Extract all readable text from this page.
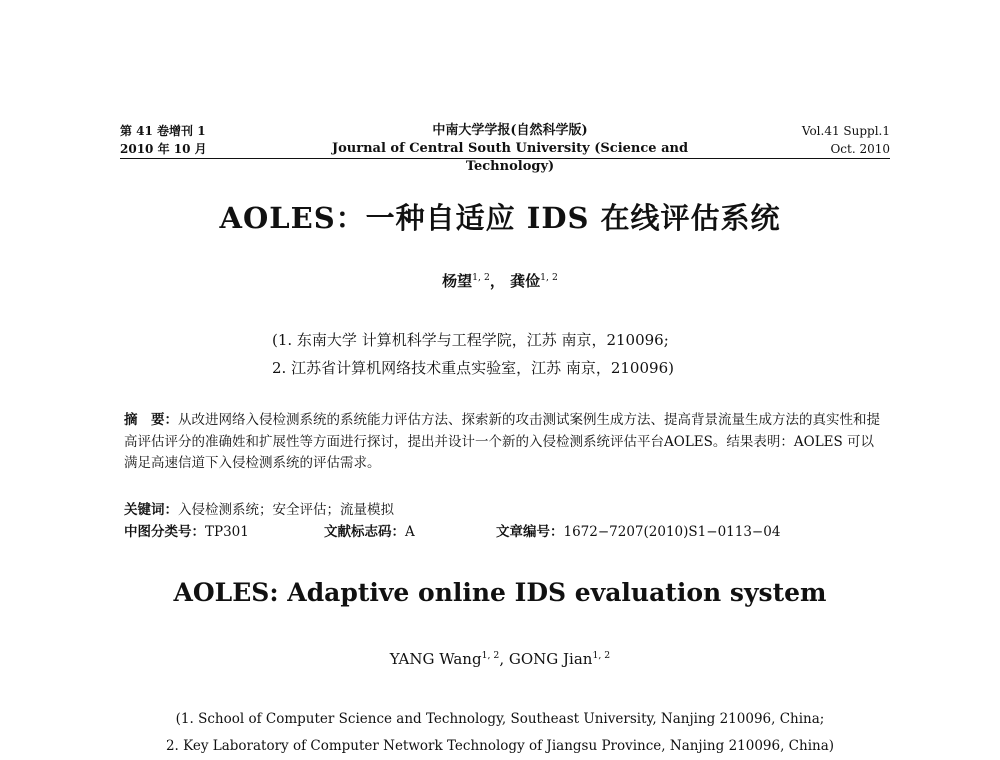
第 41 卷增刊 1
2010 年 10 月
中南大学学报(自然科学版)
Journal of Central South University (Science and Technology)
Vol.41 Suppl.1
Oct. 2010
AOLES：一种自适应 IDS 在线评估系统
杨望$^{1, 2}$， 龚俭$^{1, 2}$
(1. 东南大学 计算机科学与工程学院，江苏 南京，210096;
2. 江苏省计算机网络技术重点实验室，江苏 南京，210096)
摘　要：从改进网络入侵检测系统的系统能力评估方法、探索新的攻击测试案例生成方法、提高背景流量生成方法的真实性和提高评估评分的准确姓和扩展性等方面进行探讨，提出并设计一个新的入侵检测系统评估平台AOLES。结果表明：AOLES 可以满足高速信道下入侵检测系统的评估需求。
关键词：入侵检测系统；安全评估；流量模拟
中图分类号：TP301	文献标志码：A	文章编号：1672−7207(2010)S1−0113−04
AOLES: Adaptive online IDS evaluation system
YANG Wang$^{1, 2}$, GONG Jian$^{1, 2}$
(1. School of Computer Science and Technology, Southeast University, Nanjing 210096, China;
2. Key Laboratory of Computer Network Technology of Jiangsu Province, Nanjing 210096, China)
